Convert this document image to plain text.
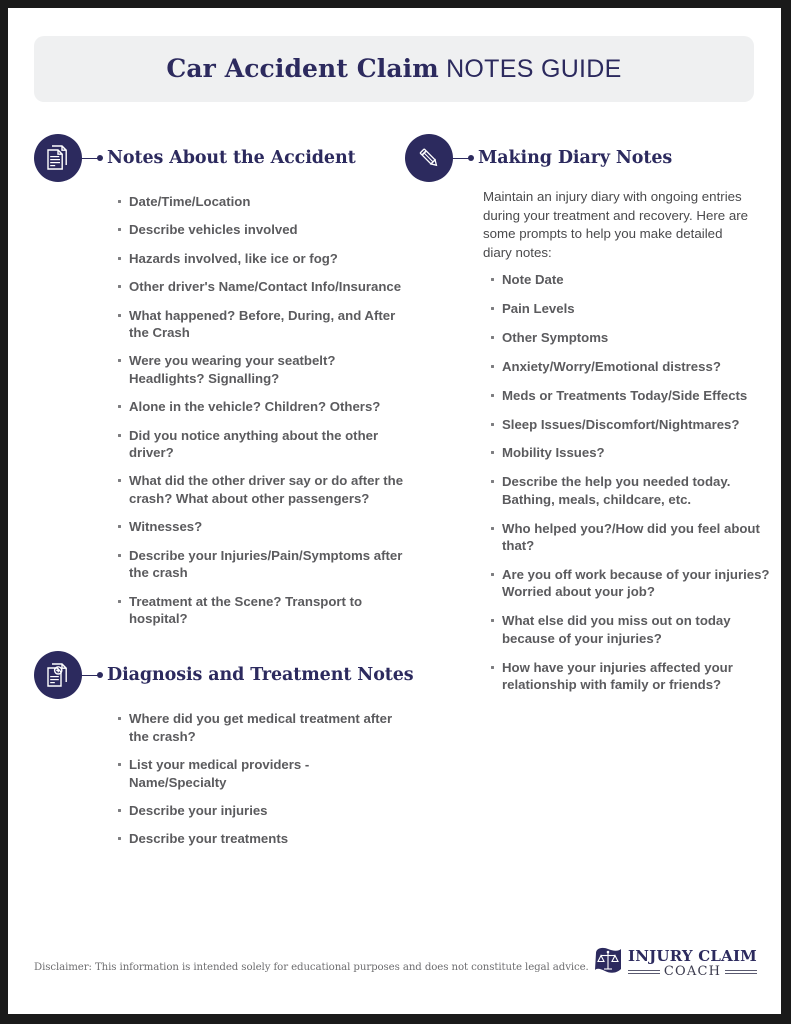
Car Accident Claim NOTES GUIDE
Notes About the Accident
Date/Time/Location
Describe vehicles involved
Hazards involved, like ice or fog?
Other driver's Name/Contact Info/Insurance
What happened? Before, During, and After the Crash
Were you wearing your seatbelt? Headlights? Signalling?
Alone in the vehicle? Children? Others?
Did you notice anything about the other driver?
What did the other driver say or do after the crash? What about other passengers?
Witnesses?
Describe your Injuries/Pain/Symptoms after the crash
Treatment at the Scene? Transport to hospital?
Diagnosis and Treatment Notes
Where did you get medical treatment after the crash?
List your medical providers - Name/Specialty
Describe your injuries
Describe your treatments
Making Diary Notes

Maintain an injury diary with ongoing entries during your treatment and recovery. Here are some prompts to help you make detailed diary notes:

Note Date
Pain Levels
Other Symptoms
Anxiety/Worry/Emotional distress?
Meds or Treatments Today/Side Effects
Sleep Issues/Discomfort/Nightmares?
Mobility Issues?
Describe the help you needed today. Bathing, meals, childcare, etc.
Who helped you?/How did you feel about that?
Are you off work because of your injuries? Worried about your job?
What else did you miss out on today because of your injuries?
How have your injuries affected your relationship with family or friends?
Disclaimer: This information is intended solely for educational purposes and does not constitute legal advice.
INJURY CLAIM
COACH
